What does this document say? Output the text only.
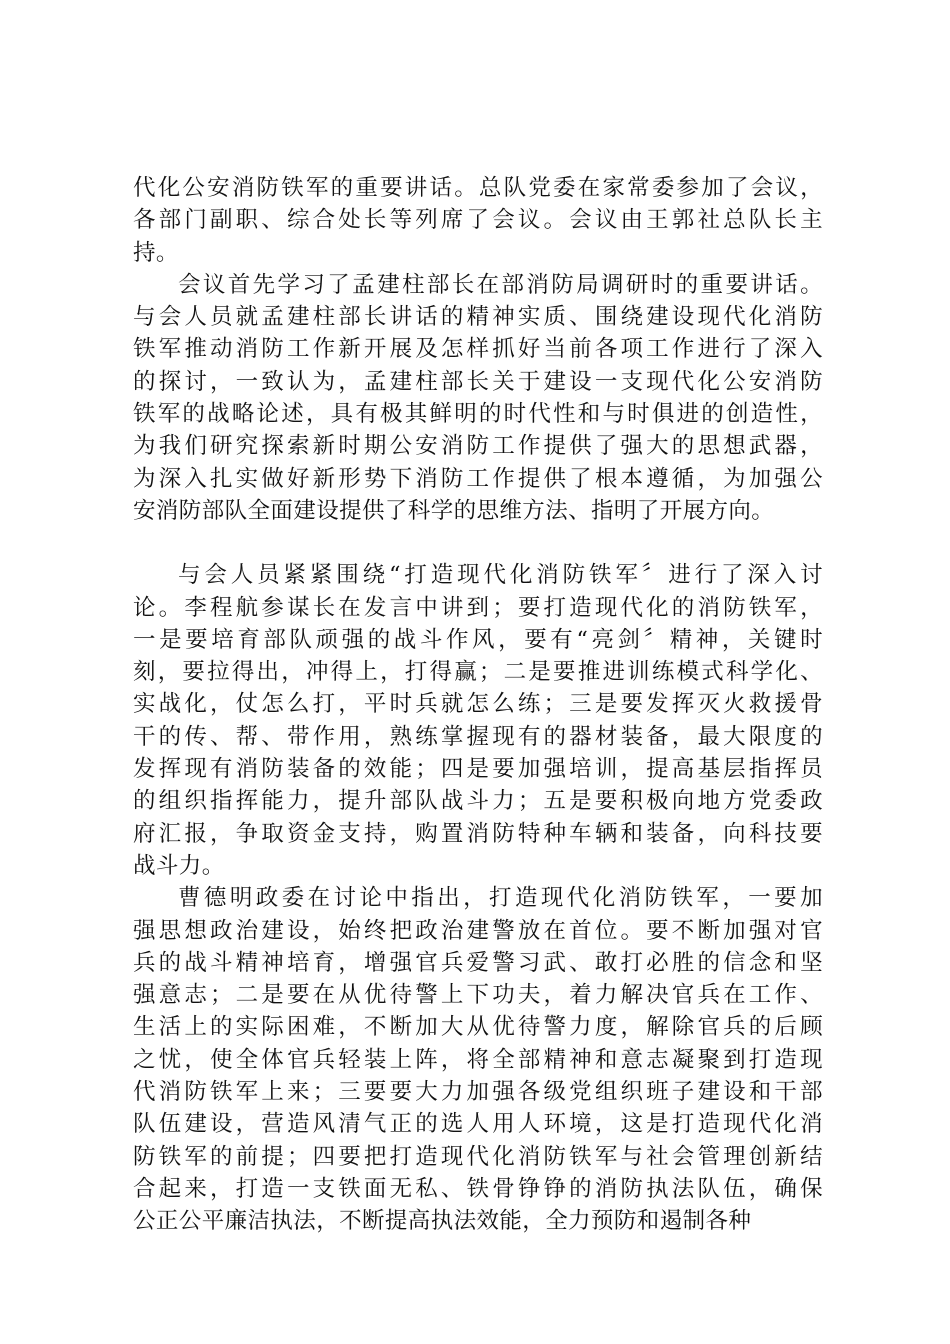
代化公安消防铁军的重要讲话。总队党委在家常委参加了会议，
各部门副职、综合处长等列席了会议。会议由王郭社总队长主
持。
会议首先学习了孟建柱部长在部消防局调研时的重要讲话。
与会人员就孟建柱部长讲话的精神实质、围绕建设现代化消防
铁军推动消防工作新开展及怎样抓好当前各项工作进行了深入
的探讨，一致认为，孟建柱部长关于建设一支现代化公安消防
铁军的战略论述，具有极其鲜明的时代性和与时俱进的创造性，
为我们研究探索新时期公安消防工作提供了强大的思想武器，
为深入扎实做好新形势下消防工作提供了根本遵循，为加强公
安消防部队全面建设提供了科学的思维方法、指明了开展方向。
与会人员紧紧围绕“打造现代化消防铁军〞进行了深入讨
论。李程航参谋长在发言中讲到；要打造现代化的消防铁军，
一是要培育部队顽强的战斗作风，要有“亮剑〞精神，关键时
刻，要拉得出，冲得上，打得赢；二是要推进训练模式科学化、
实战化，仗怎么打，平时兵就怎么练；三是要发挥灭火救援骨
干的传、帮、带作用，熟练掌握现有的器材装备，最大限度的
发挥现有消防装备的效能；四是要加强培训，提高基层指挥员
的组织指挥能力，提升部队战斗力；五是要积极向地方党委政
府汇报，争取资金支持，购置消防特种车辆和装备，向科技要
战斗力。
曹德明政委在讨论中指出，打造现代化消防铁军，一要加
强思想政治建设，始终把政治建警放在首位。要不断加强对官
兵的战斗精神培育，增强官兵爱警习武、敢打必胜的信念和坚
强意志；二是要在从优待警上下功夫，着力解决官兵在工作、
生活上的实际困难，不断加大从优待警力度，解除官兵的后顾
之忧，使全体官兵轻装上阵，将全部精神和意志凝聚到打造现
代消防铁军上来；三要要大力加强各级党组织班子建设和干部
队伍建设，营造风清气正的选人用人环境，这是打造现代化消
防铁军的前提；四要把打造现代化消防铁军与社会管理创新结
合起来，打造一支铁面无私、铁骨铮铮的消防执法队伍，确保
公正公平廉洁执法，不断提高执法效能，全力预防和遏制各种
